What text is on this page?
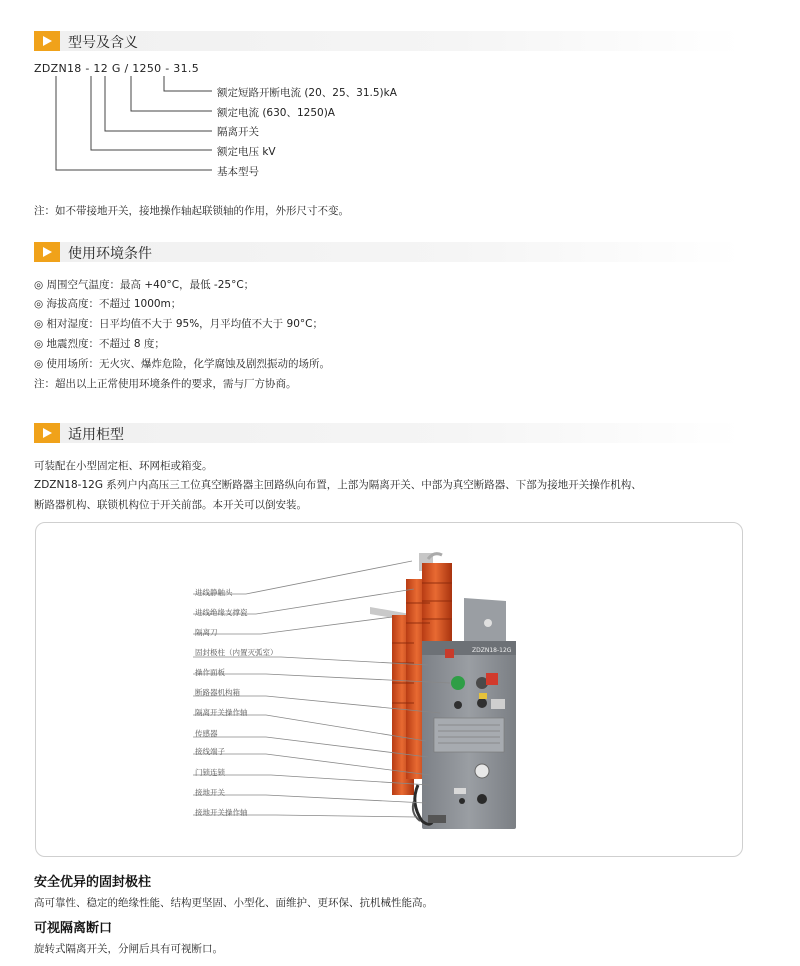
型号及含义
ZDZN18 - 12 G / 1250 - 31.5
额定短路开断电流 (20、25、31.5)kA
额定电流 (630、1250)A
隔离开关
额定电压 kV
基本型号
注：如不带接地开关，接地操作轴起联锁轴的作用，外形尺寸不变。
使用环境条件
◎ 周围空气温度：最高 +40°C，最低 -25°C；
◎ 海拔高度：不超过 1000m；
◎ 相对湿度：日平均值不大于 95%，月平均值不大于 90°C；
◎ 地震烈度：不超过 8 度；
◎ 使用场所：无火灾、爆炸危险，化学腐蚀及剧烈振动的场所。
注：超出以上正常使用环境条件的要求，需与厂方协商。
适用柜型
可装配在小型固定柜、环网柜或箱变。
ZDZN18-12G 系列户内高压三工位真空断路器主回路纵向布置，上部为隔离开关、中部为真空断路器、下部为接地开关操作机构、
断路器机构、联锁机构位于开关前部。本开关可以倒安装。
ZDZN18-12G
进线静触头
进线绝缘支撑瓷
隔离刀
固封极柱（内置灭弧室）
操作面板
断路器机构箱
隔离开关操作轴
传感器
接线端子
门锁连锁
接地开关
接地开关操作轴
安全优异的固封极柱
高可靠性、稳定的绝缘性能、结构更坚固、小型化、面维护、更环保、抗机械性能高。
可视隔离断口
旋转式隔离开关，分闸后具有可视断口。
